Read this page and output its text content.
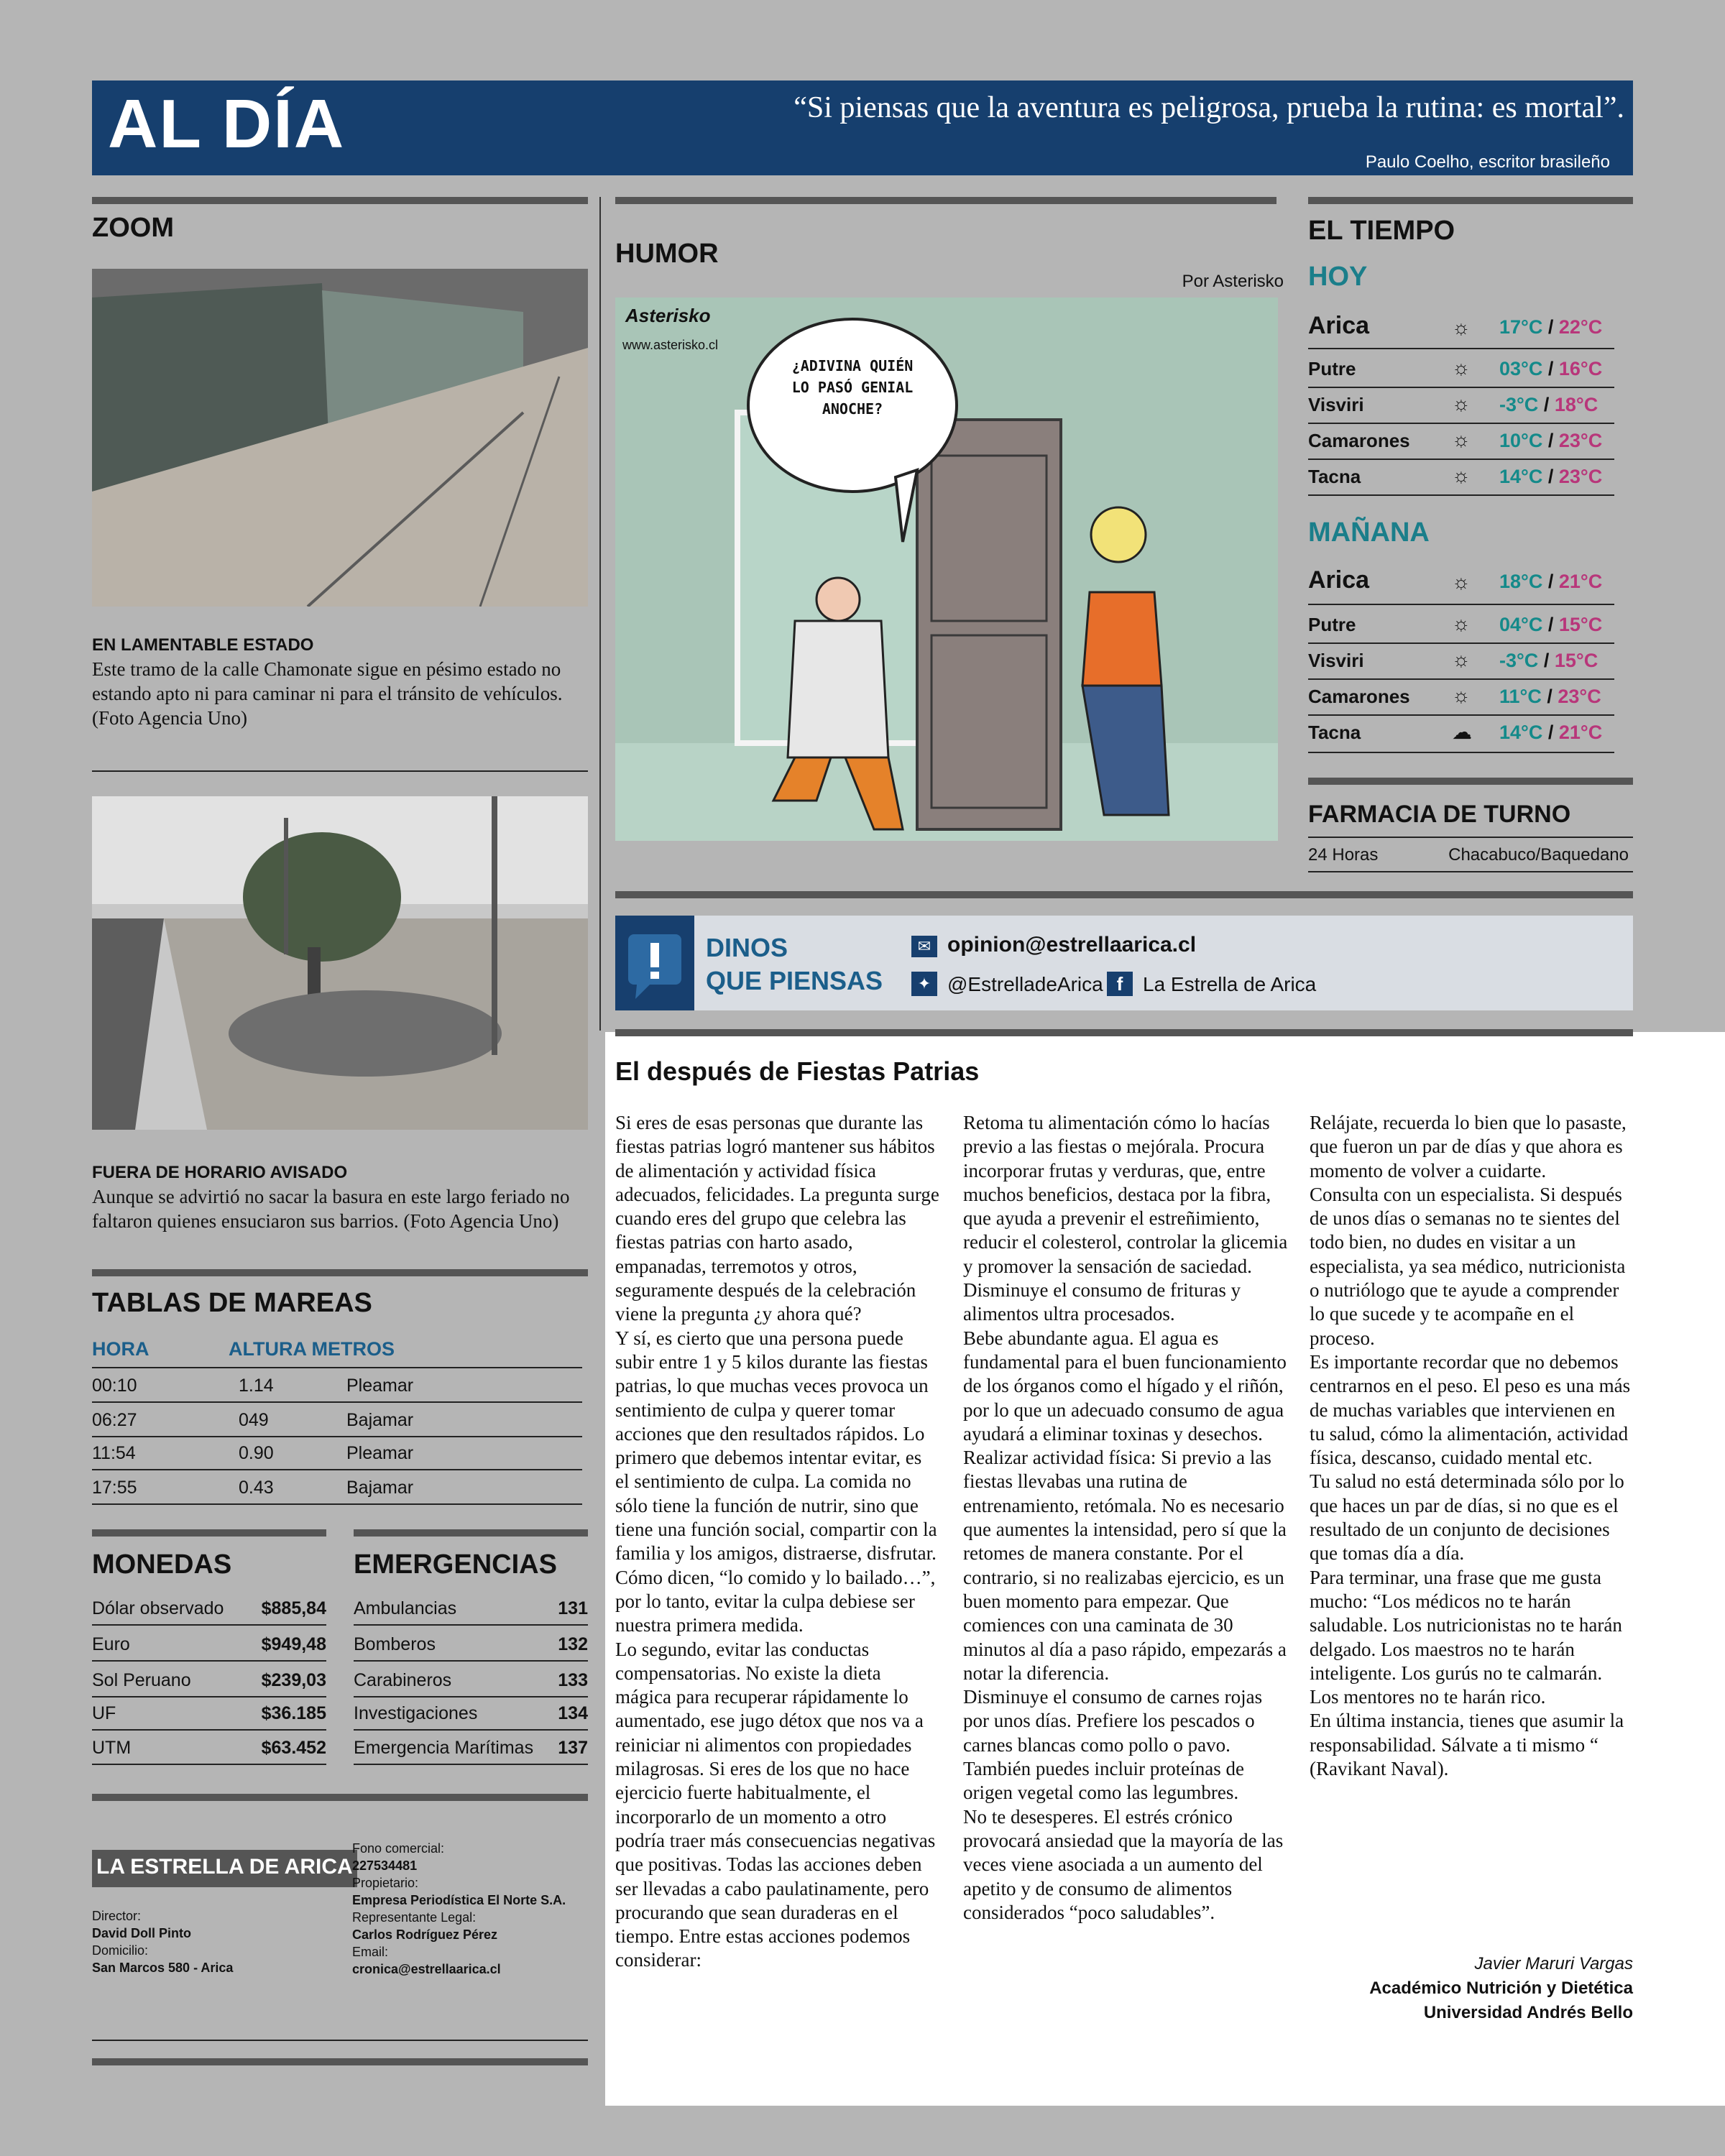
AL DÍA	“Si piensas que la aventura es peligrosa, prueba la rutina: es mortal”.
Paulo Coelho, escritor brasileño
ZOOM
EN LAMENTABLE ESTADO
Este tramo de la calle Chamonate sigue en pésimo estado no estando apto ni para caminar ni para el tránsito de vehículos. (Foto Agencia Uno)
FUERA DE HORARIO AVISADO
Aunque se advirtió no sacar la basura en este largo feriado no faltaron quienes ensuciaron sus barrios. (Foto Agencia Uno)
TABLAS DE MAREAS
HORA	ALTURA METROS
00:10	1.14	Pleamar
06:27	049	Bajamar
11:54	0.90	Pleamar
17:55	0.43	Bajamar
MONEDAS
Dólar observado $885,84
Euro	$949,48
Sol Peruano	$239,03
UF	$36.185
UTM	$63.452
EMERGENCIAS
Ambulancias	131
Bomberos	132
Carabineros	133
Investigaciones	134
Emergencia Marítimas 137
LA ESTRELLA DE ARICA
Director:
David Doll Pinto
Domicilio:
San Marcos 580 - Arica
Fono comercial:
227534481
Propietario:
Empresa Periodística El Norte S.A.
Representante Legal:
Carlos Rodríguez Pérez
Email:
cronica@estrellaarica.cl
HUMOR
Por Asterisko
Asterisko
www.asterisko.cl
¿ADIVINA QUIÉN LO PASÓ GENIAL ANOCHE?
EL TIEMPO
HOY
Arica	☼ 17°C / 22°C
Putre	☼ 03°C / 16°C
Visviri	☼ -3°C / 18°C
Camarones ☼ 10°C / 23°C
Tacna	☼ 14°C / 23°C
MAÑANA
Arica	☼ 18°C / 21°C
Putre	☼ 04°C / 15°C
Visviri	☼ -3°C / 15°C
Camarones ☼ 11°C / 23°C
Tacna	☁ 14°C / 21°C
FARMACIA DE TURNO
24 Horas	Chacabuco/Baquedano
DINOS
QUE PIENSAS
✉ opinion@estrellaarica.cl
✦ @EstrelladeArica f La Estrella de Arica
El después de Fiestas Patrias

Si eres de esas personas que durante las fiestas patrias logró mantener sus hábitos de alimentación y actividad física adecuados, felicidades. La pregunta surge cuando eres del grupo que celebra las fiestas patrias con harto asado, empanadas, terremotos y otros, seguramente después de la celebración viene la pregunta ¿y ahora qué?

Y sí, es cierto que una persona puede subir entre 1 y 5 kilos durante las fiestas patrias, lo que muchas veces provoca un sentimiento de culpa y querer tomar acciones que den resultados rápidos. Lo primero que debemos intentar evitar, es el sentimiento de culpa. La comida no sólo tiene la función de nutrir, sino que tiene una función social, compartir con la familia y los amigos, distraerse, disfrutar. Cómo dicen, “lo comido y lo bailado…”, por lo tanto, evitar la culpa debiese ser nuestra primera medida.

Lo segundo, evitar las conductas compensatorias. No existe la dieta mágica para recuperar rápidamente lo aumentado, ese jugo détox que nos va a reiniciar ni alimentos con propiedades milagrosas. Si eres de los que no hace ejercicio fuerte habitualmente, el incorporarlo de un momento a otro podría traer más consecuencias negativas que positivas. Todas las acciones deben ser llevadas a cabo paulatinamente, pero procurando que sean duraderas en el tiempo. Entre estas acciones podemos considerar:

Retoma tu alimentación cómo lo hacías previo a las fiestas o mejórala. Procura incorporar frutas y verduras, que, entre muchos beneficios, destaca por la fibra, que ayuda a prevenir el estreñimiento, reducir el colesterol, controlar la glicemia y promover la sensación de saciedad.

Disminuye el consumo de frituras y alimentos ultra procesados.

Bebe abundante agua. El agua es fundamental para el buen funcionamiento de los órganos como el hígado y el riñón, por lo que un adecuado consumo de agua ayudará a eliminar toxinas y desechos.

Realizar actividad física: Si previo a las fiestas llevabas una rutina de entrenamiento, retómala. No es necesario que aumentes la intensidad, pero sí que la retomes de manera constante. Por el contrario, si no realizabas ejercicio, es un buen momento para empezar. Que comiences con una caminata de 30 minutos al día a paso rápido, empezarás a notar la diferencia.

Disminuye el consumo de carnes rojas por unos días. Prefiere los pescados o carnes blancas como pollo o pavo. También puedes incluir proteínas de origen vegetal como las legumbres.

No te desesperes. El estrés crónico provocará ansiedad que la mayoría de las veces viene asociada a un aumento del apetito y de consumo de alimentos considerados “poco saludables”.

Relájate, recuerda lo bien que lo pasaste, que fueron un par de días y que ahora es momento de volver a cuidarte.

Consulta con un especialista. Si después de unos días o semanas no te sientes del todo bien, no dudes en visitar a un especialista, ya sea médico, nutricionista o nutriólogo que te ayude a comprender lo que sucede y te acompañe en el proceso.

Es importante recordar que no debemos centrarnos en el peso. El peso es una más de muchas variables que intervienen en tu salud, cómo la alimentación, actividad física, descanso, cuidado mental etc.

Tu salud no está determinada sólo por lo que haces un par de días, si no que es el resultado de un conjunto de decisiones que tomas día a día.

Para terminar, una frase que me gusta mucho: “Los médicos no te harán saludable. Los nutricionistas no te harán delgado. Los maestros no te harán inteligente. Los gurús no te calmarán. Los mentores no te harán rico.

En última instancia, tienes que asumir la responsabilidad. Sálvate a ti mismo “ (Ravikant Naval).

Javier Maruri Vargas
Académico Nutrición y Dietética
Universidad Andrés Bello
